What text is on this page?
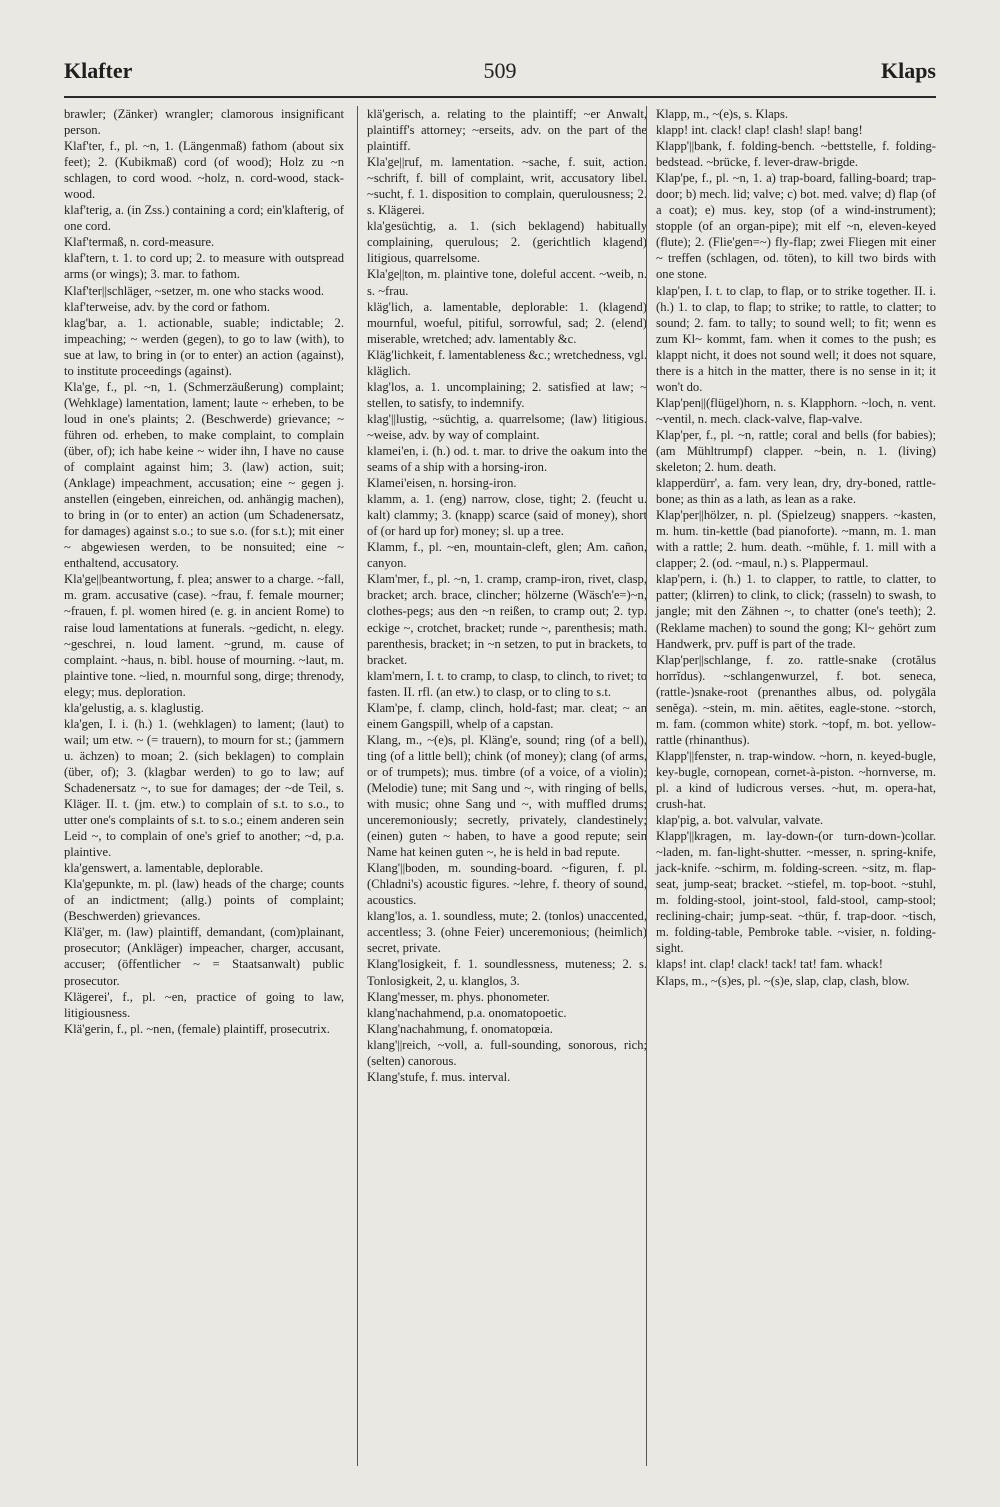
Klafter	509	Klaps

brawler; (Zänker) wrangler; clamorous insignificant person.

Klaf'ter, f., pl. ~n, 1. (Längenmaß) fathom (about six feet); 2. (Kubikmaß) cord (of wood); Holz zu ~n schlagen, to cord wood. ~holz, n. cord-wood, stack-wood.

klaf'terig, a. (in Zss.) containing a cord; ein'klafterig, of one cord.

Klaf'termaß, n. cord-measure.

klaf'tern, t. 1. to cord up; 2. to measure with outspread arms (or wings); 3. mar. to fathom.

Klaf'ter||schläger, ~setzer, m. one who stacks wood.

klaf'terweise, adv. by the cord or fathom.

klag'bar, a. 1. actionable, suable; indictable; 2. impeaching; ~ werden (gegen), to go to law (with), to sue at law, to bring in (or to enter) an action (against), to institute proceedings (against).

Kla'ge, f., pl. ~n, 1. (Schmerzäußerung) complaint; (Wehklage) lamentation, lament; laute ~ erheben, to be loud in one's plaints; 2. (Beschwerde) grievance; ~ führen od. erheben, to make complaint, to complain (über, of); ich habe keine ~ wider ihn, I have no cause of complaint against him; 3. (law) action, suit; (Anklage) impeachment, accusation; eine ~ gegen j. anstellen (eingeben, einreichen, od. anhängig machen), to bring in (or to enter) an action (um Schadenersatz, for damages) against s.o.; to sue s.o. (for s.t.); mit einer ~ abgewiesen werden, to be nonsuited; eine ~ enthaltend, accusatory.

Kla'ge||beantwortung, f. plea; answer to a charge. ~fall, m. gram. accusative (case). ~frau, f. female mourner; ~frauen, f. pl. women hired (e. g. in ancient Rome) to raise loud lamentations at funerals. ~gedicht, n. elegy. ~geschrei, n. loud lament. ~grund, m. cause of complaint. ~haus, n. bibl. house of mourning. ~laut, m. plaintive tone. ~lied, n. mournful song, dirge; threnody, elegy; mus. deploration.

kla'gelustig, a. s. klaglustig.

kla'gen, I. i. (h.) 1. (wehklagen) to lament; (laut) to wail; um etw. ~ (= trauern), to mourn for st.; (jammern u. ächzen) to moan; 2. (sich beklagen) to complain (über, of); 3. (klagbar werden) to go to law; auf Schadenersatz ~, to sue for damages; der ~de Teil, s. Kläger. II. t. (jm. etw.) to complain of s.t. to s.o., to utter one's complaints of s.t. to s.o.; einem anderen sein Leid ~, to complain of one's grief to another; ~d, p.a. plaintive.

kla'genswert, a. lamentable, deplorable.

Kla'gepunkte, m. pl. (law) heads of the charge; counts of an indictment; (allg.) points of complaint; (Beschwerden) grievances.

Klä'ger, m. (law) plaintiff, demandant, (com)plainant, prosecutor; (Ankläger) impeacher, charger, accusant, accuser; (öffentlicher ~ = Staatsanwalt) public prosecutor.

Klägerei', f., pl. ~en, practice of going to law, litigiousness.

Klä'gerin, f., pl. ~nen, (female) plaintiff, prosecutrix.

klä'gerisch, a. relating to the plaintiff; ~er Anwalt, plaintiff's attorney; ~erseits, adv. on the part of the plaintiff.

Kla'ge||ruf, m. lamentation. ~sache, f. suit, action. ~schrift, f. bill of complaint, writ, accusatory libel. ~sucht, f. 1. disposition to complain, querulousness; 2. s. Klägerei.

kla'gesüchtig, a. 1. (sich beklagend) habitually complaining, querulous; 2. (gerichtlich klagend) litigious, quarrelsome.

Kla'ge||ton, m. plaintive tone, doleful accent. ~weib, n. s. ~frau.

kläg'lich, a. lamentable, deplorable: 1. (klagend) mournful, woeful, pitiful, sorrowful, sad; 2. (elend) miserable, wretched; adv. lamentably &c.

Kläg'lichkeit, f. lamentableness &c.; wretchedness, vgl. kläglich.

klag'los, a. 1. uncomplaining; 2. satisfied at law; ~ stellen, to satisfy, to indemnify.

klag'||lustig, ~süchtig, a. quarrelsome; (law) litigious. ~weise, adv. by way of complaint.

klamei'en, i. (h.) od. t. mar. to drive the oakum into the seams of a ship with a horsing-iron.

Klamei'eisen, n. horsing-iron.

klamm, a. 1. (eng) narrow, close, tight; 2. (feucht u. kalt) clammy; 3. (knapp) scarce (said of money), short of (or hard up for) money; sl. up a tree.

Klamm, f., pl. ~en, mountain-cleft, glen; Am. cañon, canyon.

Klam'mer, f., pl. ~n, 1. cramp, cramp-iron, rivet, clasp, bracket; arch. brace, clincher; hölzerne (Wäsch'e=)~n, clothes-pegs; aus den ~n reißen, to cramp out; 2. typ. eckige ~, crotchet, bracket; runde ~, parenthesis; math. parenthesis, bracket; in ~n setzen, to put in brackets, to bracket.

klam'mern, I. t. to cramp, to clasp, to clinch, to rivet; to fasten. II. rfl. (an etw.) to clasp, or to cling to s.t.

Klam'pe, f. clamp, clinch, hold-fast; mar. cleat; ~ an einem Gangspill, whelp of a capstan.

Klang, m., ~(e)s, pl. Kläng'e, sound; ring (of a bell), ting (of a little bell); chink (of money); clang (of arms, or of trumpets); mus. timbre (of a voice, of a violin); (Melodie) tune; mit Sang und ~, with ringing of bells, with music; ohne Sang und ~, with muffled drums; unceremoniously; secretly, privately, clandestinely; (einen) guten ~ haben, to have a good repute; sein Name hat keinen guten ~, he is held in bad repute.

Klang'||boden, m. sounding-board. ~figuren, f. pl. (Chladni's) acoustic figures. ~lehre, f. theory of sound, acoustics.

klang'los, a. 1. soundless, mute; 2. (tonlos) unaccented, accentless; 3. (ohne Feier) unceremonious; (heimlich) secret, private.

Klang'losigkeit, f. 1. soundlessness, muteness; 2. s. Tonlosigkeit, 2, u. klanglos, 3.

Klang'messer, m. phys. phonometer.

klang'nachahmend, p.a. onomatopoetic.

Klang'nachahmung, f. onomatopœia.

klang'||reich, ~voll, a. full-sounding, sonorous, rich; (selten) canorous.

Klang'stufe, f. mus. interval.

Klapp, m., ~(e)s, s. Klaps.

klapp! int. clack! clap! clash! slap! bang!

Klapp'||bank, f. folding-bench. ~bettstelle, f. folding-bedstead. ~brücke, f. lever-draw-brigde.

Klap'pe, f., pl. ~n, 1. a) trap-board, falling-board; trap-door; b) mech. lid; valve; c) bot. med. valve; d) flap (of a coat); e) mus. key, stop (of a wind-instrument); stopple (of an organ-pipe); mit elf ~n, eleven-keyed (flute); 2. (Flie'gen=~) fly-flap; zwei Fliegen mit einer ~ treffen (schlagen, od. töten), to kill two birds with one stone.

klap'pen, I. t. to clap, to flap, or to strike together. II. i. (h.) 1. to clap, to flap; to strike; to rattle, to clatter; to sound; 2. fam. to tally; to sound well; to fit; wenn es zum Kl~ kommt, fam. when it comes to the push; es klappt nicht, it does not sound well; it does not square, there is a hitch in the matter, there is no sense in it; it won't do.

Klap'pen||(flügel)horn, n. s. Klapphorn. ~loch, n. vent. ~ventil, n. mech. clack-valve, flap-valve.

Klap'per, f., pl. ~n, rattle; coral and bells (for babies); (am Mühltrumpf) clapper. ~bein, n. 1. (living) skeleton; 2. hum. death.

klapperdürr', a. fam. very lean, dry, dry-boned, rattle-bone; as thin as a lath, as lean as a rake.

Klap'per||hölzer, n. pl. (Spielzeug) snappers. ~kasten, m. hum. tin-kettle (bad pianoforte). ~mann, m. 1. man with a rattle; 2. hum. death. ~mühle, f. 1. mill with a clapper; 2. (od. ~maul, n.) s. Plappermaul.

klap'pern, i. (h.) 1. to clapper, to rattle, to clatter, to patter; (klirren) to clink, to click; (rasseln) to swash, to jangle; mit den Zähnen ~, to chatter (one's teeth); 2. (Reklame machen) to sound the gong; Kl~ gehört zum Handwerk, prv. puff is part of the trade.

Klap'per||schlange, f. zo. rattle-snake (crotălus horrĭdus). ~schlangenwurzel, f. bot. seneca, (rattle-)snake-root (prenanthes albus, od. polygăla senĕga). ~stein, m. min. aëtites, eagle-stone. ~storch, m. fam. (common white) stork. ~topf, m. bot. yellow-rattle (rhinanthus).

Klapp'||fenster, n. trap-window. ~horn, n. keyed-bugle, key-bugle, cornopean, cornet-à-piston. ~hornverse, m. pl. a kind of ludicrous verses. ~hut, m. opera-hat, crush-hat.

klap'pig, a. bot. valvular, valvate.

Klapp'||kragen, m. lay-down-(or turn-down-)collar. ~laden, m. fan-light-shutter. ~messer, n. spring-knife, jack-knife. ~schirm, m. folding-screen. ~sitz, m. flap-seat, jump-seat; bracket. ~stiefel, m. top-boot. ~stuhl, m. folding-stool, joint-stool, fald-stool, camp-stool; reclining-chair; jump-seat. ~thür, f. trap-door. ~tisch, m. folding-table, Pembroke table. ~visier, n. folding-sight.

klaps! int. clap! clack! tack! tat! fam. whack!

Klaps, m., ~(s)es, pl. ~(s)e, slap, clap, clash, blow.
